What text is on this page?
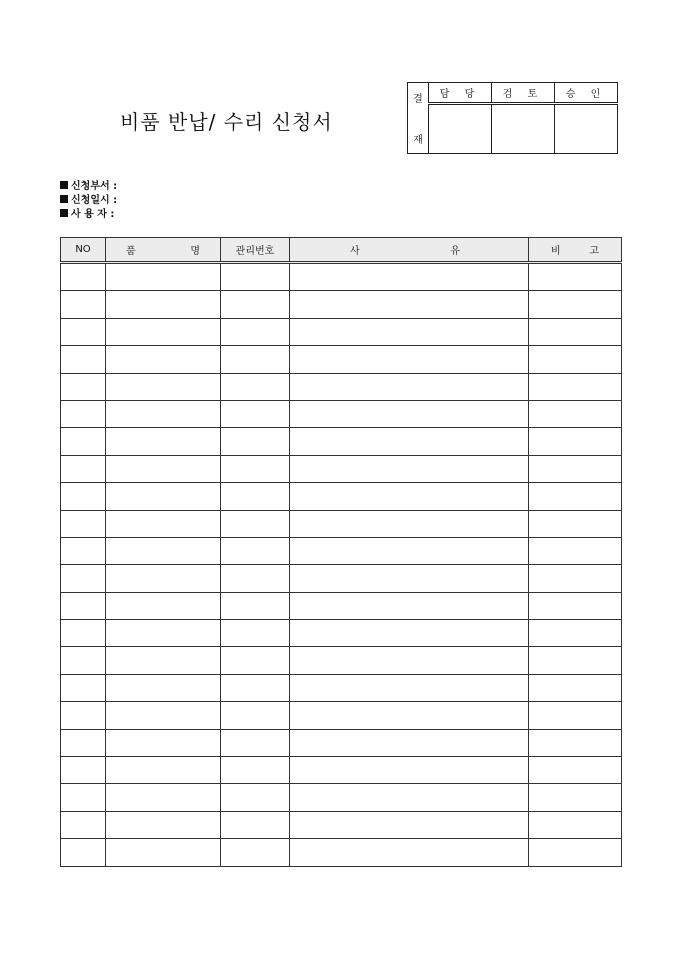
비품 반납/ 수리 신청서
결
재	담 당	검 토	승 인

신청부서 :
신청일시 :
사 용 자 :
NO	품 명	관리번호	사 유	비 고
